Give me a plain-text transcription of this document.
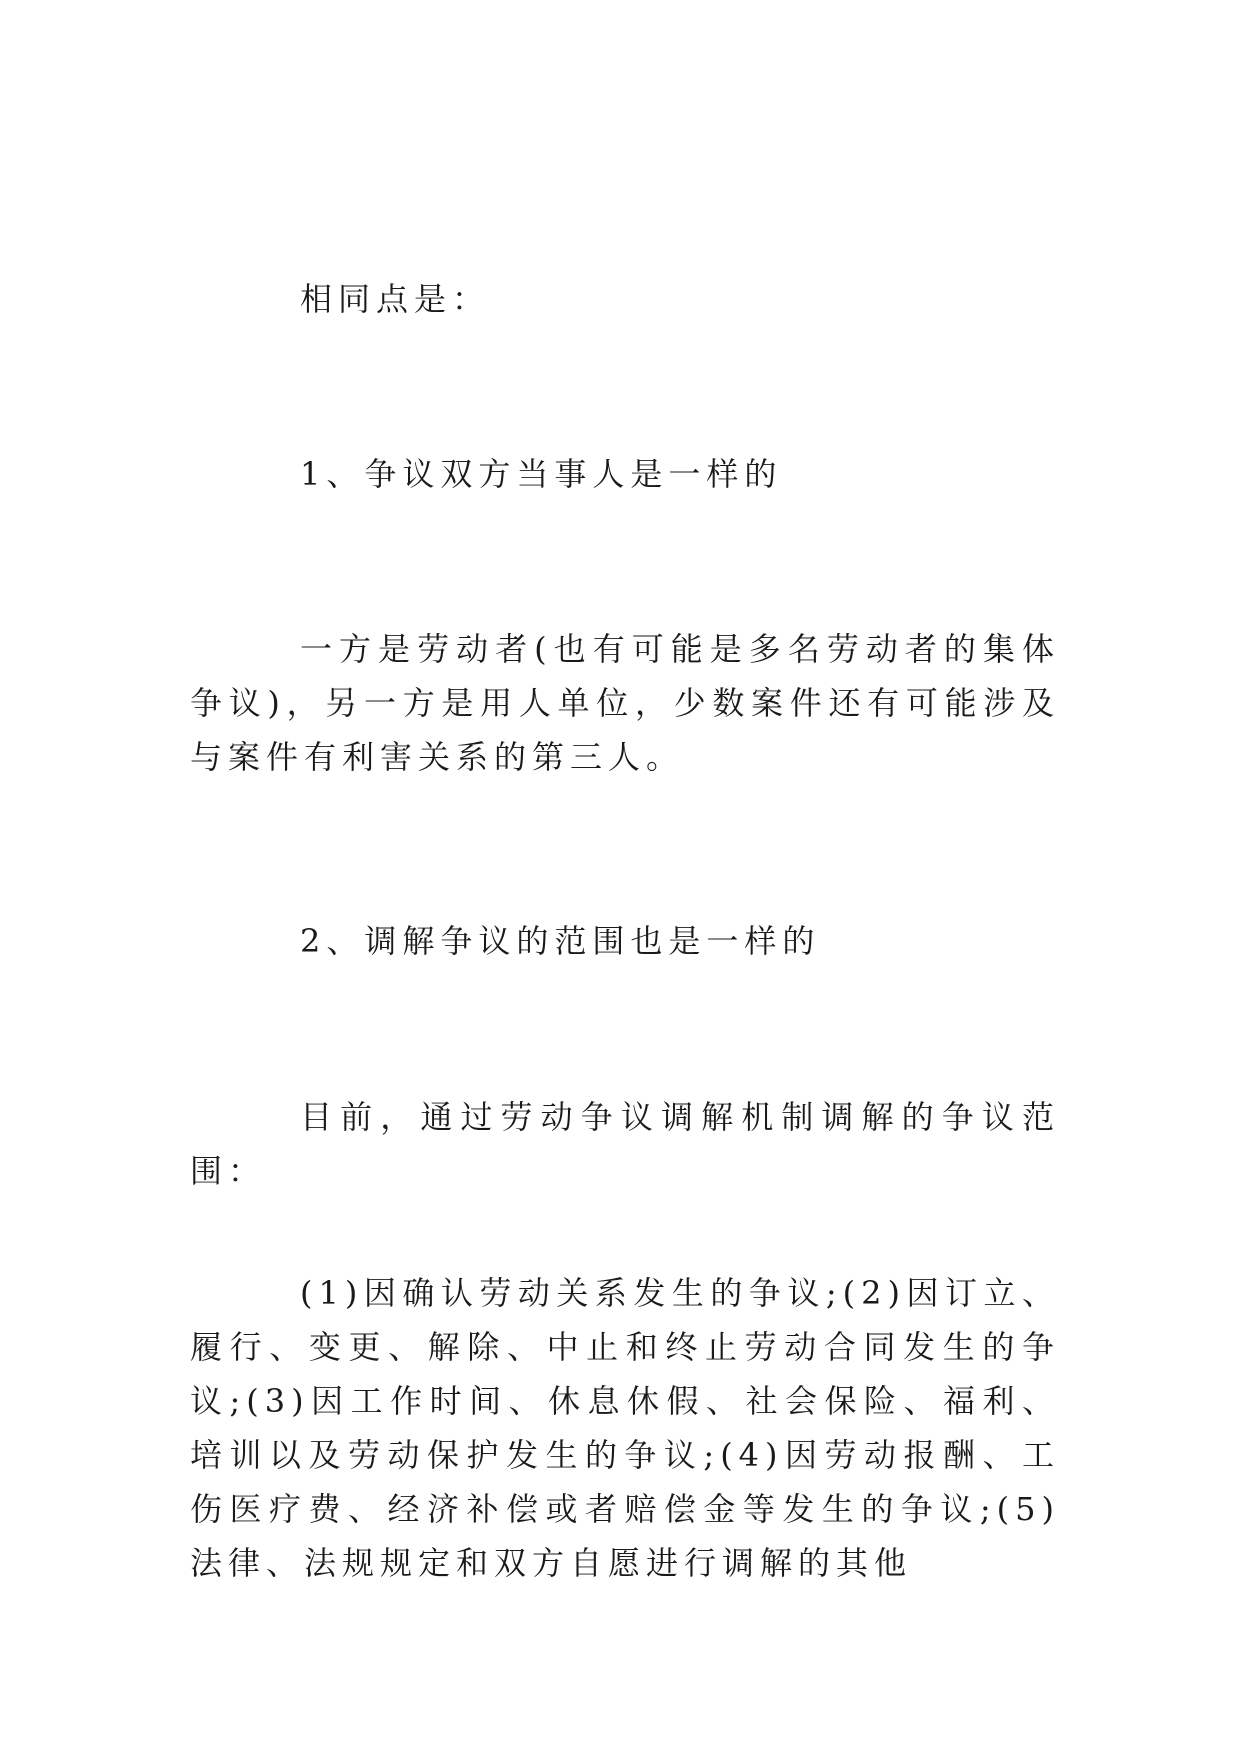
相同点是：

1、争议双方当事人是一样的

一方是劳动者(也有可能是多名劳动者的集体争议)，另一方是用人单位，少数案件还有可能涉及与案件有利害关系的第三人。

2、调解争议的范围也是一样的

目前，通过劳动争议调解机制调解的争议范围：

(1)因确认劳动关系发生的争议;(2)因订立、履行、变更、解除、中止和终止劳动合同发生的争议;(3)因工作时间、休息休假、社会保险、福利、培训以及劳动保护发生的争议;(4)因劳动报酬、工伤医疗费、经济补偿或者赔偿金等发生的争议;(5)法律、法规规定和双方自愿进行调解的其他
